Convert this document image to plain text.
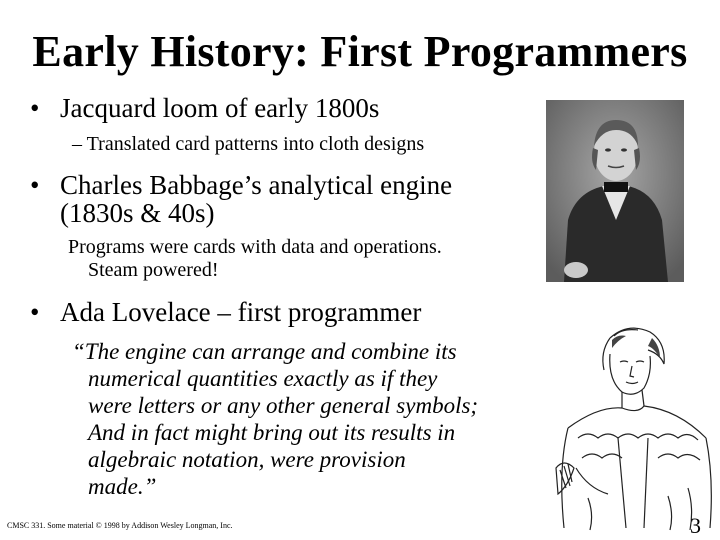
Early History: First Programmers

• Jacquard loom of early 1800s

– Translated card patterns into cloth designs

• Charles Babbage’s analytical engine
(1830s & 40s)

Programs were cards with data and operations.
Steam powered!

• Ada Lovelace – first programmer

“The engine can arrange and combine its
numerical quantities exactly as if they
were letters or any other general symbols;
And in fact might bring out its results in
algebraic notation, were provision
made.”

CMSC 331. Some material © 1998 by Addison Wesley Longman, Inc.	3
